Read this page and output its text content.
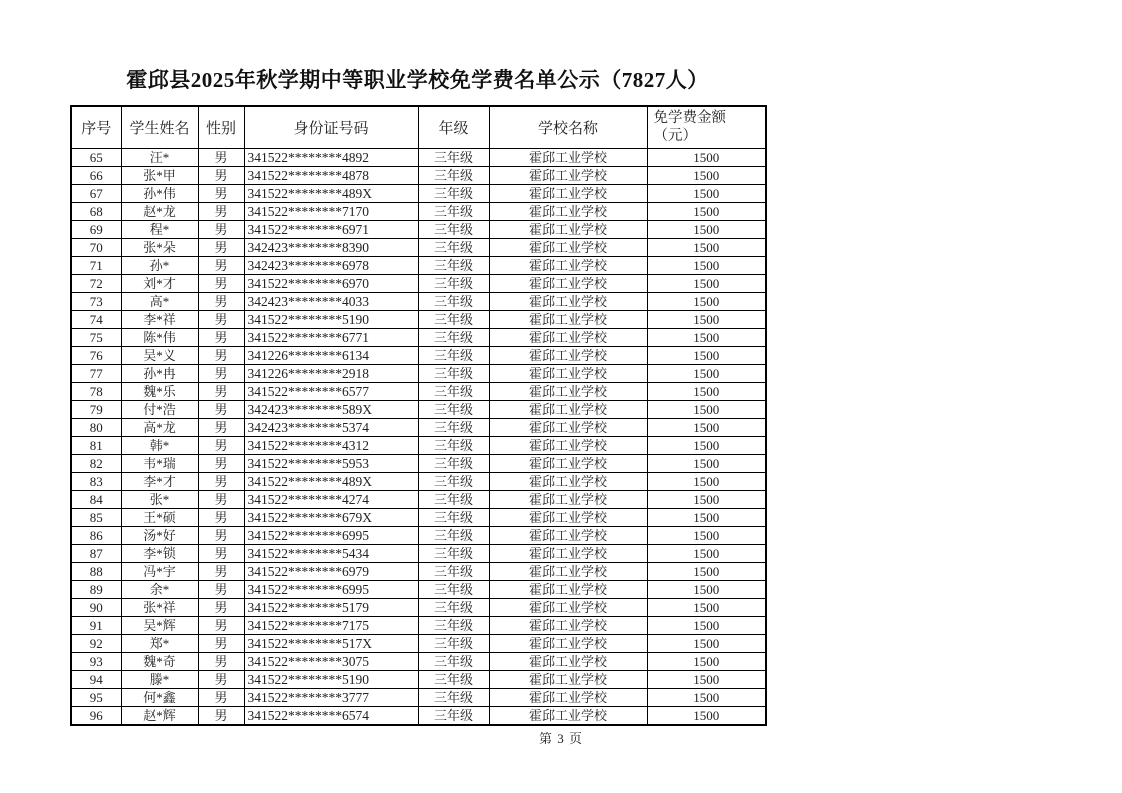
霍邱县2025年秋学期中等职业学校免学费名单公示（7827人）
序号	学生姓名	性别	身份证号码	年级	学校名称	免学费金额
（元）
65	汪*	男	341522********4892	三年级	霍邱工业学校	1500
66	张*甲	男	341522********4878	三年级	霍邱工业学校	1500
67	孙*伟	男	341522********489X	三年级	霍邱工业学校	1500
68	赵*龙	男	341522********7170	三年级	霍邱工业学校	1500
69	程*	男	341522********6971	三年级	霍邱工业学校	1500
70	张*朵	男	342423********8390	三年级	霍邱工业学校	1500
71	孙*	男	342423********6978	三年级	霍邱工业学校	1500
72	刘*才	男	341522********6970	三年级	霍邱工业学校	1500
73	高*	男	342423********4033	三年级	霍邱工业学校	1500
74	李*祥	男	341522********5190	三年级	霍邱工业学校	1500
75	陈*伟	男	341522********6771	三年级	霍邱工业学校	1500
76	吴*义	男	341226********6134	三年级	霍邱工业学校	1500
77	孙*冉	男	341226********2918	三年级	霍邱工业学校	1500
78	魏*乐	男	341522********6577	三年级	霍邱工业学校	1500
79	付*浩	男	342423********589X	三年级	霍邱工业学校	1500
80	高*龙	男	342423********5374	三年级	霍邱工业学校	1500
81	韩*	男	341522********4312	三年级	霍邱工业学校	1500
82	韦*瑞	男	341522********5953	三年级	霍邱工业学校	1500
83	李*才	男	341522********489X	三年级	霍邱工业学校	1500
84	张*	男	341522********4274	三年级	霍邱工业学校	1500
85	王*硕	男	341522********679X	三年级	霍邱工业学校	1500
86	汤*好	男	341522********6995	三年级	霍邱工业学校	1500
87	李*锁	男	341522********5434	三年级	霍邱工业学校	1500
88	冯*宇	男	341522********6979	三年级	霍邱工业学校	1500
89	余*	男	341522********6995	三年级	霍邱工业学校	1500
90	张*祥	男	341522********5179	三年级	霍邱工业学校	1500
91	吴*辉	男	341522********7175	三年级	霍邱工业学校	1500
92	郑*	男	341522********517X	三年级	霍邱工业学校	1500
93	魏*奇	男	341522********3075	三年级	霍邱工业学校	1500
94	滕*	男	341522********5190	三年级	霍邱工业学校	1500
95	何*鑫	男	341522********3777	三年级	霍邱工业学校	1500
96	赵*辉	男	341522********6574	三年级	霍邱工业学校	1500
第 3 页
